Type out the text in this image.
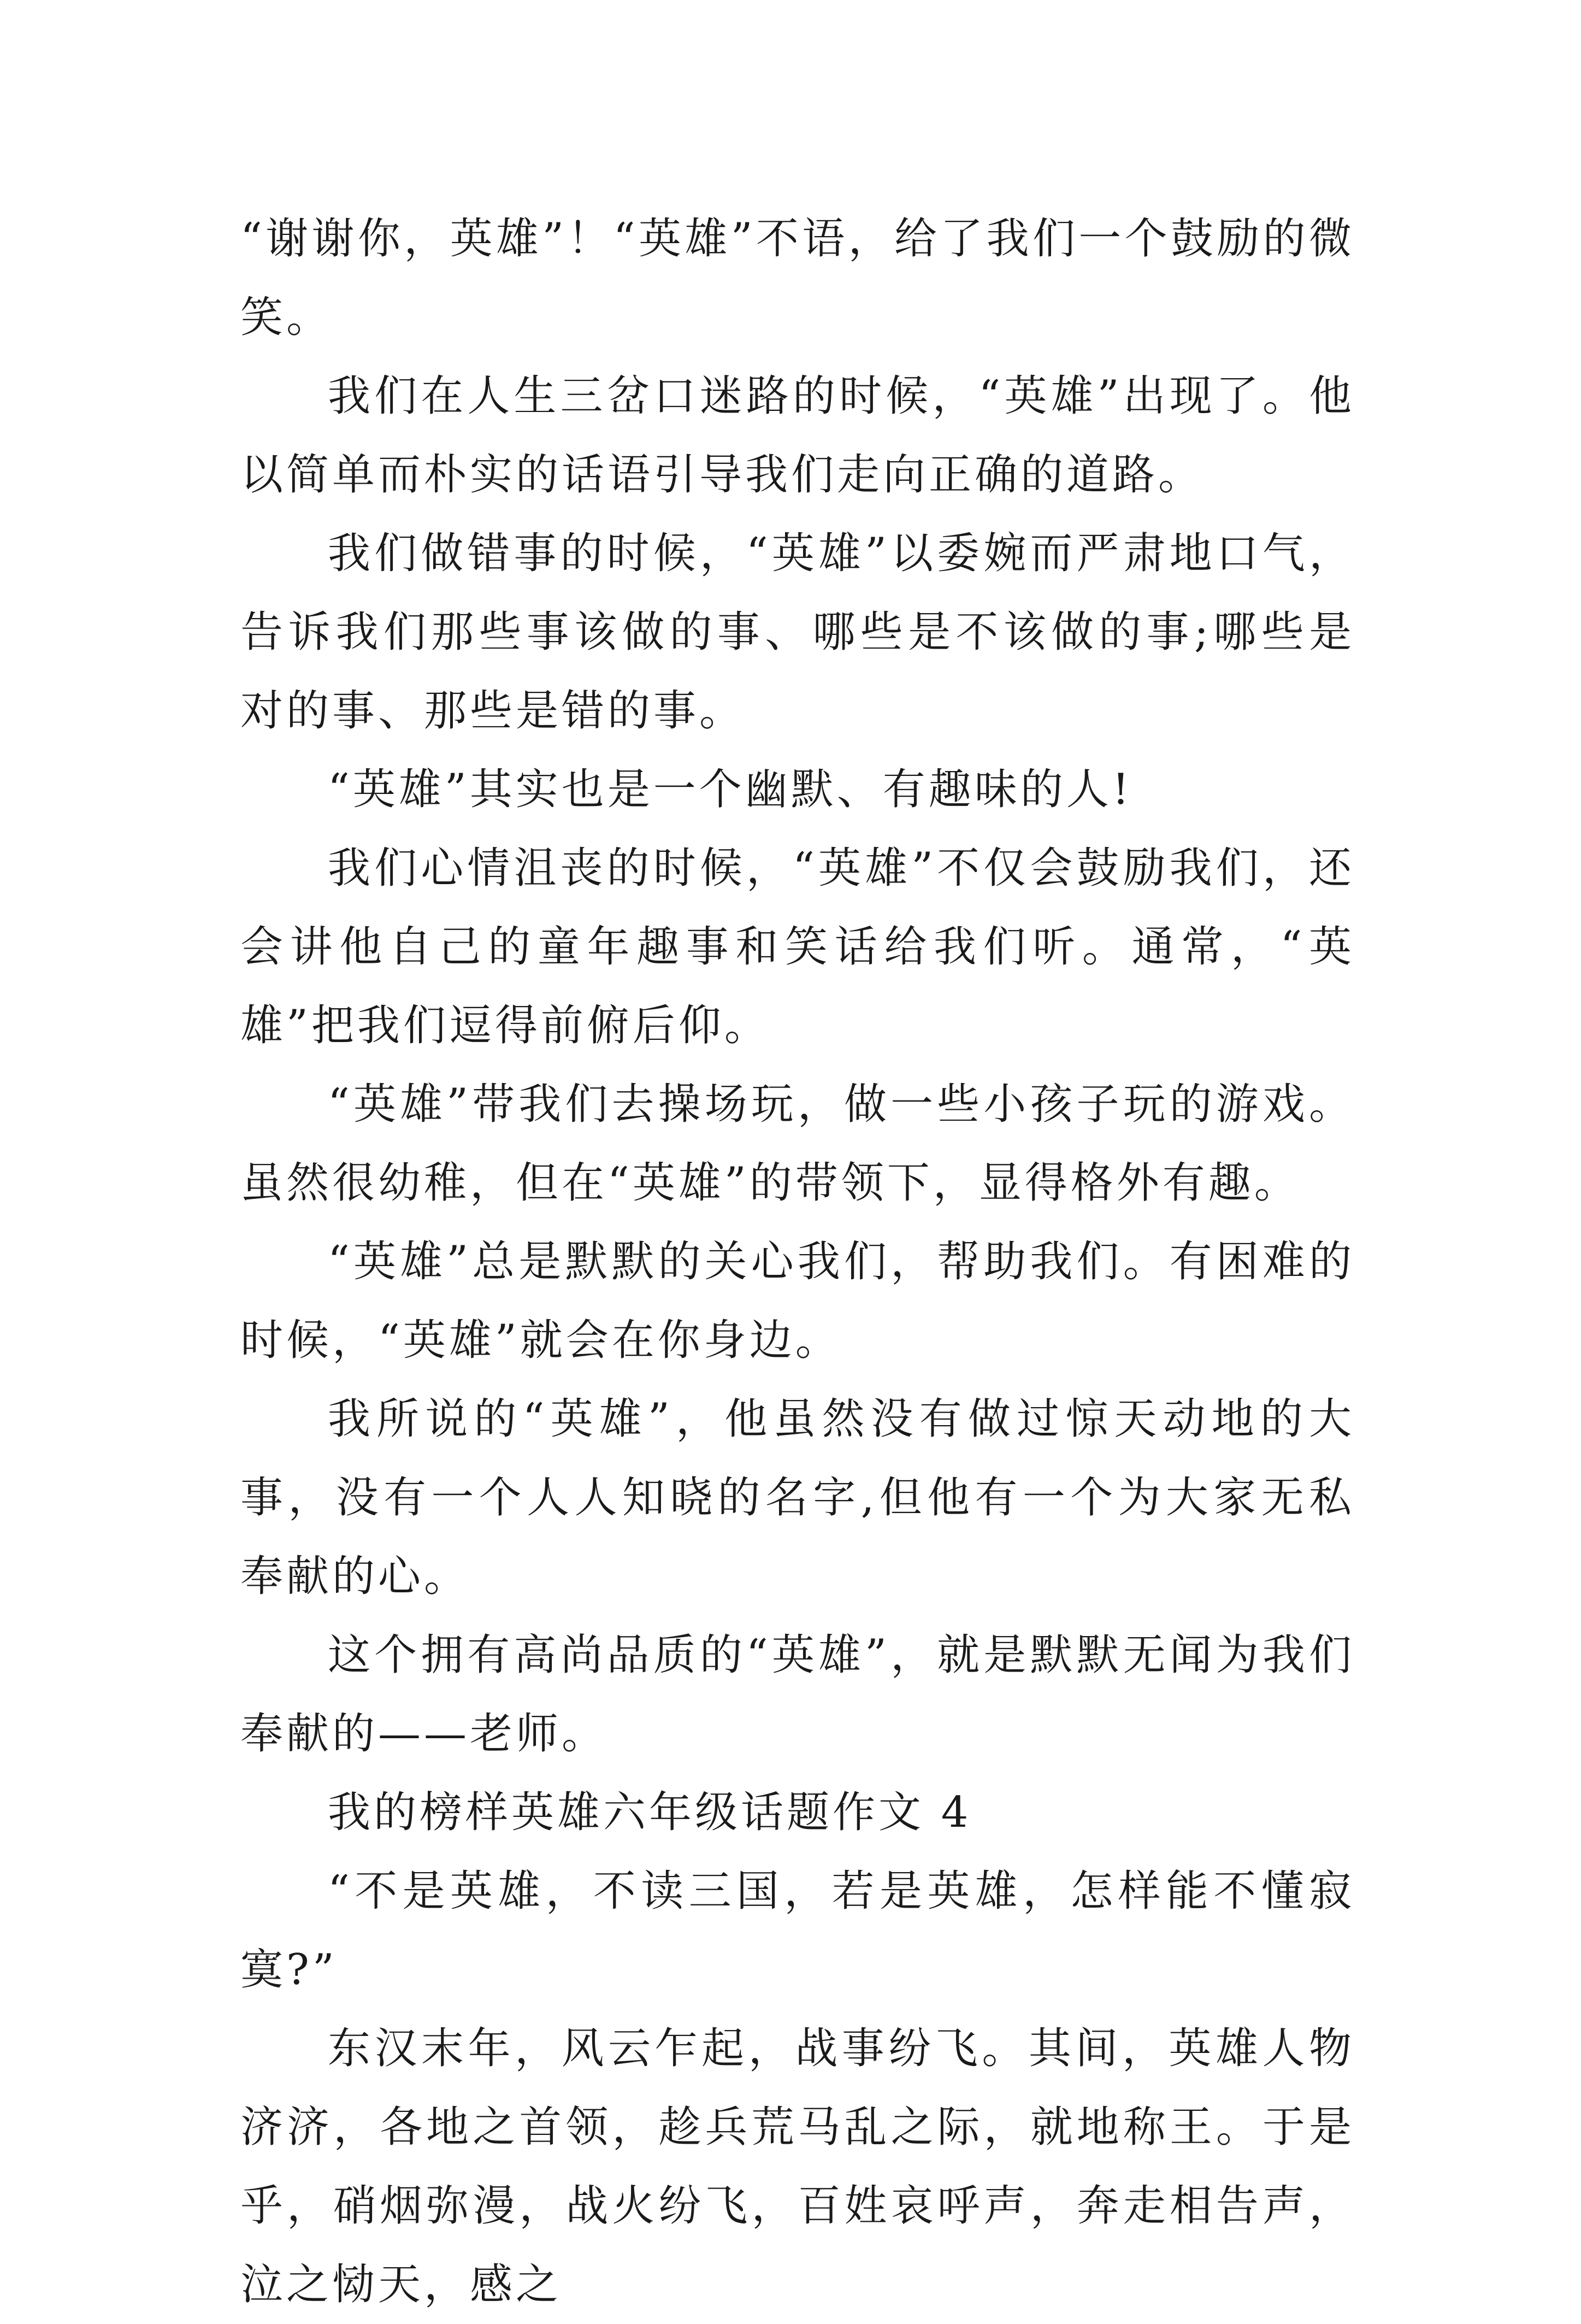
“谢谢你，英雄”！“英雄”不语，给了我们一个鼓励的微笑。

我们在人生三岔口迷路的时候，“英雄”出现了。他以简单而朴实的话语引导我们走向正确的道路。

我们做错事的时候，“英雄”以委婉而严肃地口气，告诉我们那些事该做的事、哪些是不该做的事;哪些是对的事、那些是错的事。

“英雄”其实也是一个幽默、有趣味的人!

我们心情沮丧的时候，“英雄”不仅会鼓励我们，还会讲他自己的童年趣事和笑话给我们听。通常，“英雄”把我们逗得前俯后仰。

“英雄”带我们去操场玩，做一些小孩子玩的游戏。虽然很幼稚，但在“英雄”的带领下，显得格外有趣。

“英雄”总是默默的关心我们，帮助我们。有困难的时候，“英雄”就会在你身边。

我所说的“英雄”，他虽然没有做过惊天动地的大事，没有一个人人知晓的名字,但他有一个为大家无私奉献的心。

这个拥有高尚品质的“英雄”，就是默默无闻为我们奉献的——老师。

我的榜样英雄六年级话题作文 4

“不是英雄，不读三国，若是英雄，怎样能不懂寂寞?”

东汉末年，风云乍起，战事纷飞。其间，英雄人物济济，各地之首领，趁兵荒马乱之际，就地称王。于是乎，硝烟弥漫，战火纷飞，百姓哀呼声，奔走相告声，泣之恸天，感之
